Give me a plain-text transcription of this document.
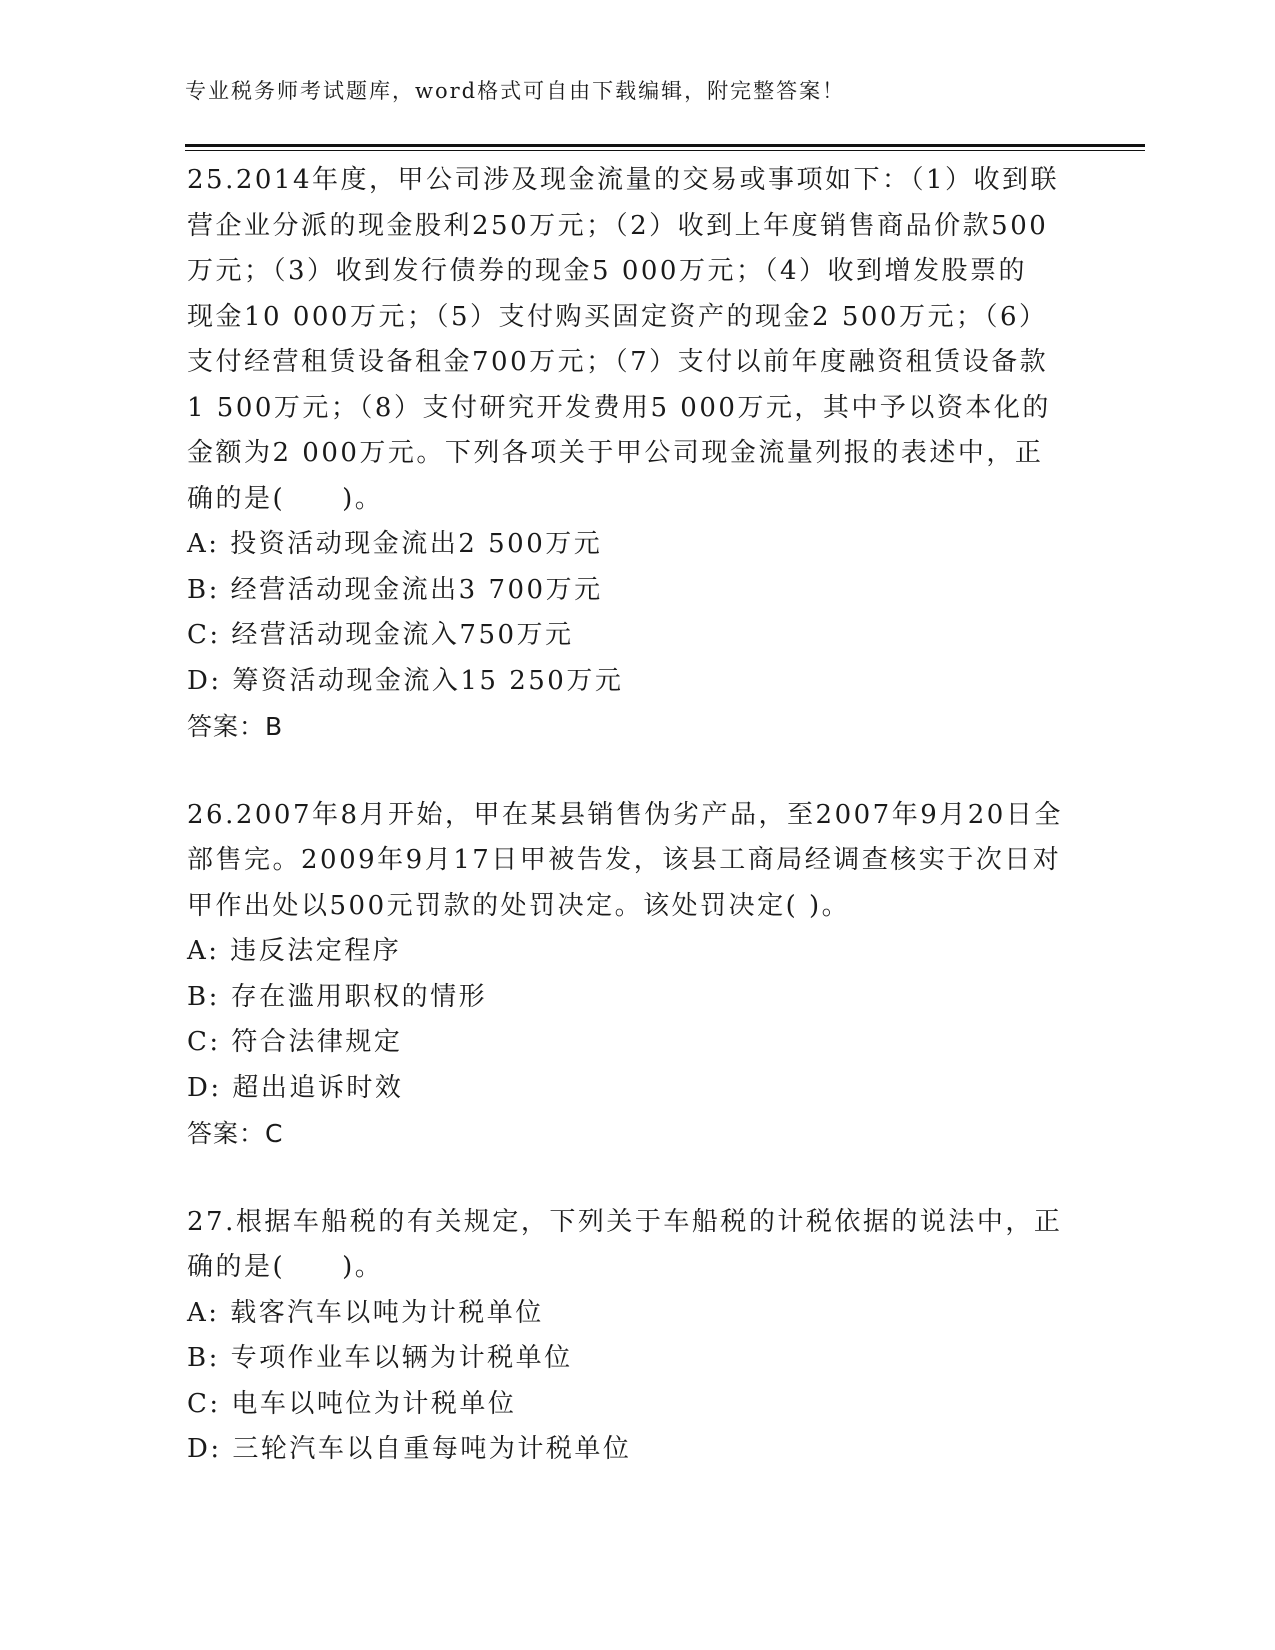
专业税务师考试题库，word格式可自由下载编辑，附完整答案！
25.2014年度，甲公司涉及现金流量的交易或事项如下：（1）收到联
营企业分派的现金股利250万元；（2）收到上年度销售商品价款500
万元；（3）收到发行债券的现金5 000万元；（4）收到增发股票的
现金10 000万元；（5）支付购买固定资产的现金2 500万元；（6）
支付经营租赁设备租金700万元；（7）支付以前年度融资租赁设备款
1 500万元；（8）支付研究开发费用5 000万元，其中予以资本化的
金额为2 000万元。下列各项关于甲公司现金流量列报的表述中，正
确的是(　　)。
A: 投资活动现金流出2 500万元
B: 经营活动现金流出3 700万元
C: 经营活动现金流入750万元
D: 筹资活动现金流入15 250万元
答案：B
26.2007年8月开始，甲在某县销售伪劣产品，至2007年9月20日全
部售完。2009年9月17日甲被告发，该县工商局经调查核实于次日对
甲作出处以500元罚款的处罚决定。该处罚决定( )。
A: 违反法定程序
B: 存在滥用职权的情形
C: 符合法律规定
D: 超出追诉时效
答案：C
27.根据车船税的有关规定，下列关于车船税的计税依据的说法中，正
确的是(　　)。
A: 载客汽车以吨为计税单位
B: 专项作业车以辆为计税单位
C: 电车以吨位为计税单位
D: 三轮汽车以自重每吨为计税单位
